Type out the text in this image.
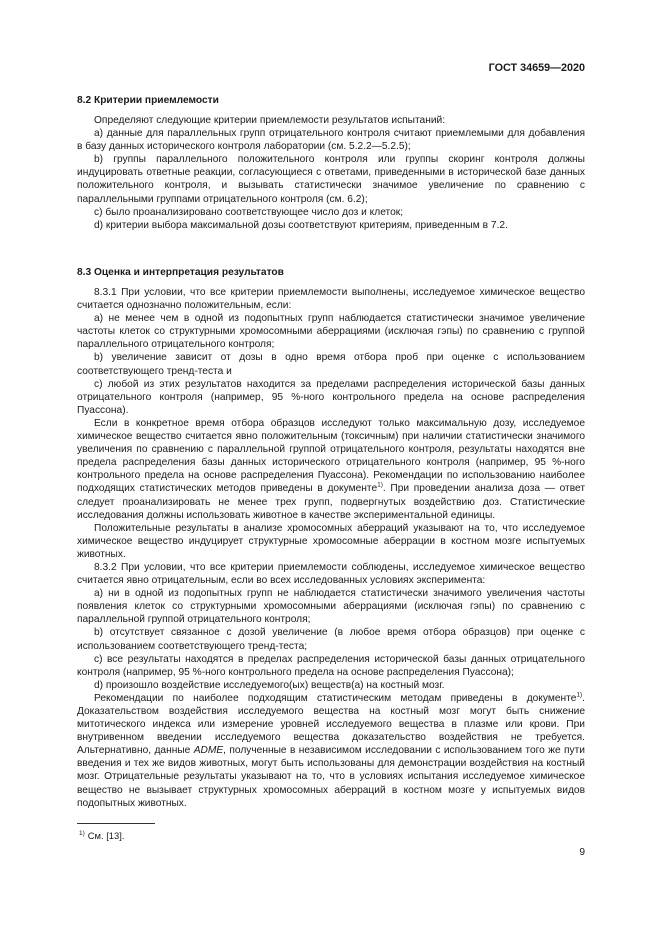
ГОСТ 34659—2020
8.2 Критерии приемлемости

Определяют следующие критерии приемлемости результатов испытаний:

a) данные для параллельных групп отрицательного контроля считают приемлемыми для добавления в базу данных исторического контроля лаборатории (см. 5.2.2—5.2.5);

b) группы параллельного положительного контроля или группы скоринг контроля должны индуцировать ответные реакции, согласующиеся с ответами, приведенными в исторической базе данных положительного контроля, и вызывать статистически значимое увеличение по сравнению с параллельными группами отрицательного контроля (см. 6.2);

c) было проанализировано соответствующее число доз и клеток;

d) критерии выбора максимальной дозы соответствуют критериям, приведенным в 7.2.

8.3 Оценка и интерпретация результатов

8.3.1 При условии, что все критерии приемлемости выполнены, исследуемое химическое вещество считается однозначно положительным, если:

a) не менее чем в одной из подопытных групп наблюдается статистически значимое увеличение частоты клеток со структурными хромосомными аберрациями (исключая гэпы) по сравнению с группой параллельного отрицательного контроля;

b) увеличение зависит от дозы в одно время отбора проб при оценке с использованием соответствующего тренд-теста и

c) любой из этих результатов находится за пределами распределения исторической базы данных отрицательного контроля (например, 95 %-ного контрольного предела на основе распределения Пуассона).

Если в конкретное время отбора образцов исследуют только максимальную дозу, исследуемое химическое вещество считается явно положительным (токсичным) при наличии статистически значимого увеличения по сравнению с параллельной группой отрицательного контроля, результаты находятся вне предела распределения базы данных исторического отрицательного контроля (например, 95 %-ного контрольного предела на основе распределения Пуассона). Рекомендации по использованию наиболее подходящих статистических методов приведены в документе$^{1)}$. При проведении анализа доза — ответ следует проанализировать не менее трех групп, подвергнутых воздействию доз. Статистические исследования должны использовать животное в качестве экспериментальной единицы.

Положительные результаты в анализе хромосомных аберраций указывают на то, что исследуемое химическое вещество индуцирует структурные хромосомные аберрации в костном мозге испытуемых животных.

8.3.2 При условии, что все критерии приемлемости соблюдены, исследуемое химическое вещество считается явно отрицательным, если во всех исследованных условиях эксперимента:

a) ни в одной из подопытных групп не наблюдается статистически значимого увеличения частоты появления клеток со структурными хромосомными аберрациями (исключая гэпы) по сравнению с параллельной группой отрицательного контроля;

b) отсутствует связанное с дозой увеличение (в любое время отбора образцов) при оценке с использованием соответствующего тренд-теста;

c) все результаты находятся в пределах распределения исторической базы данных отрицательного контроля (например, 95 %-ного контрольного предела на основе распределения Пуассона);

d) произошло воздействие исследуемого(ых) веществ(а) на костный мозг.

Рекомендации по наиболее подходящим статистическим методам приведены в документе$^{1)}$. Доказательством воздействия исследуемого вещества на костный мозг могут быть снижение митотического индекса или измерение уровней исследуемого вещества в плазме или крови. При внутривенном введении исследуемого вещества доказательство воздействия не требуется. Альтернативно, данные ADME, полученные в независимом исследовании с использованием того же пути введения и тех же видов животных, могут быть использованы для демонстрации воздействия на костный мозг. Отрицательные результаты указывают на то, что в условиях испытания исследуемое химическое вещество не вызывает структурных хромосомных аберраций в костном мозге у испытуемых видов подопытных животных.

$^{1)}$ См. [13].
9
